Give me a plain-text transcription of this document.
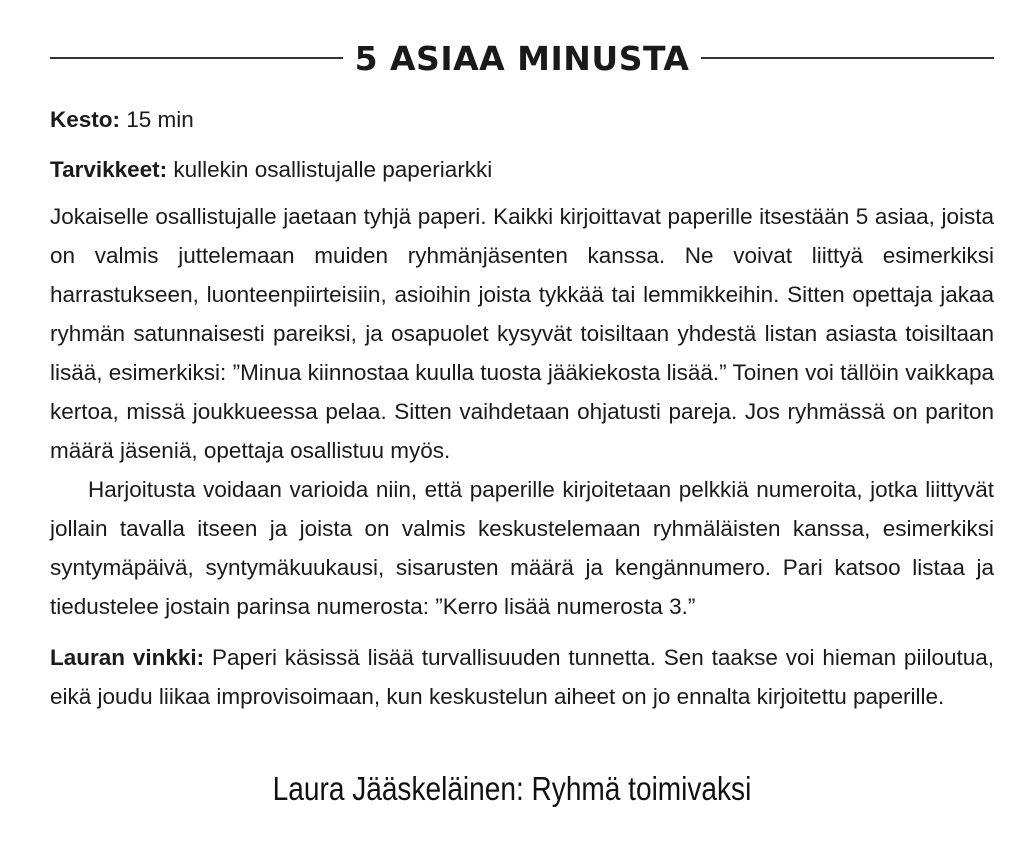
5 ASIAA MINUSTA

Kesto: 15 min

Tarvikkeet: kullekin osallistujalle paperiarkki

Jokaiselle osallistujalle jaetaan tyhjä paperi. Kaikki kirjoittavat paperille itsestään 5 asiaa, joista on valmis juttelemaan muiden ryhmänjäsenten kanssa. Ne voivat liittyä esimerkiksi harrastukseen, luonteenpiirteisiin, asioihin joista tykkää tai lemmikkeihin. Sitten opettaja jakaa ryhmän satunnaisesti pareiksi, ja osapuolet kysyvät toisiltaan yhdestä listan asiasta toisiltaan lisää, esimerkiksi: ”Minua kiinnostaa kuulla tuosta jääkiekosta lisää.” Toinen voi tällöin vaikkapa kertoa, missä joukkueessa pelaa. Sitten vaihdetaan ohjatusti pareja. Jos ryhmässä on pariton määrä jäseniä, opettaja osallistuu myös.

Harjoitusta voidaan varioida niin, että paperille kirjoitetaan pelkkiä numeroita, jotka liittyvät jollain tavalla itseen ja joista on valmis keskustelemaan ryhmäläisten kanssa, esimerkiksi syntymäpäivä, syntymäkuukausi, sisarusten määrä ja kengännumero. Pari katsoo listaa ja tiedustelee jostain parinsa numerosta: ”Kerro lisää numerosta 3.”

Lauran vinkki: Paperi käsissä lisää turvallisuuden tunnetta. Sen taakse voi hieman piiloutua, eikä joudu liikaa improvisoimaan, kun keskustelun aiheet on jo ennalta kirjoitettu paperille.

Laura Jääskeläinen: Ryhmä toimivaksi
